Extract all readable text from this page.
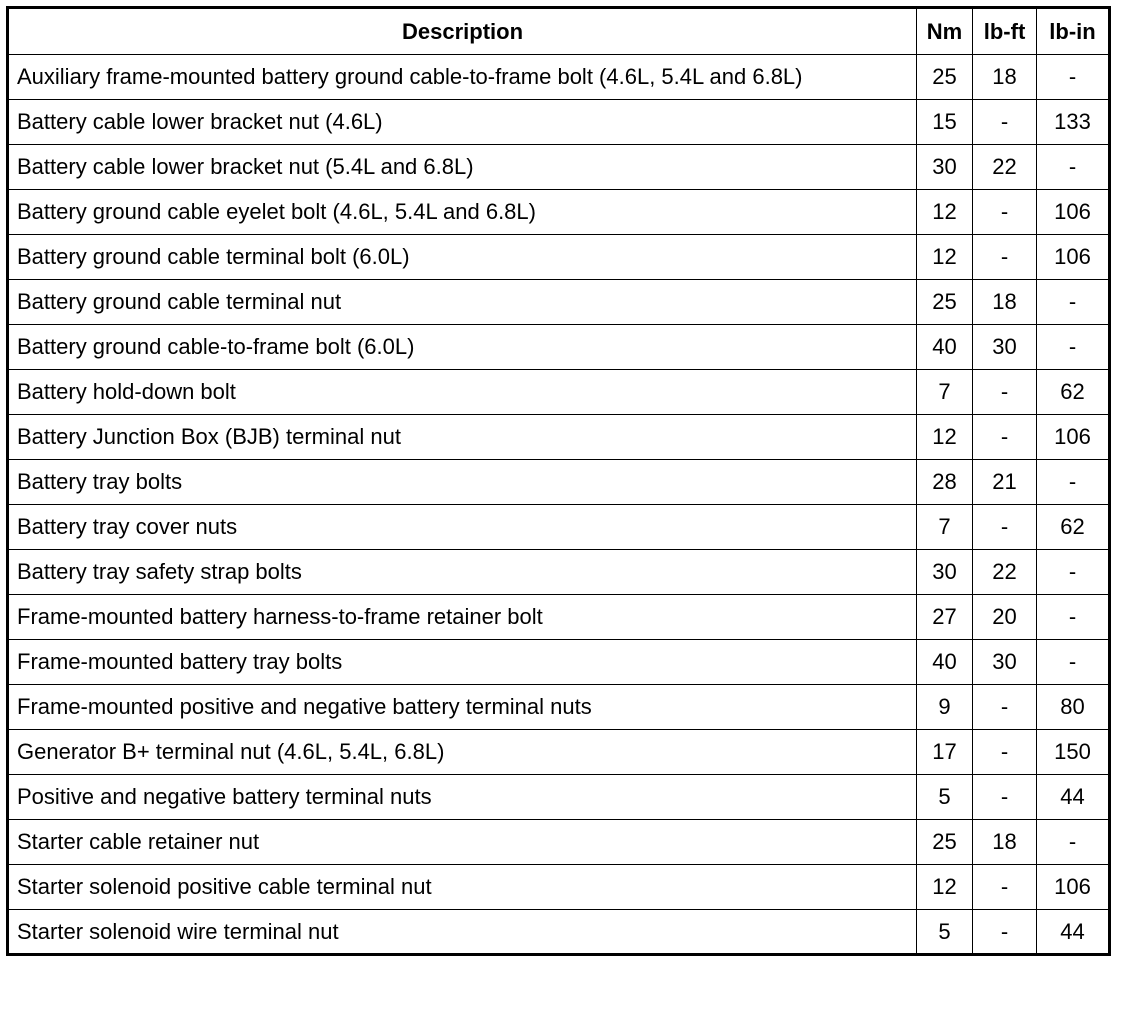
Description	Nm	lb-ft	lb-in
Auxiliary frame-mounted battery ground cable-to-frame bolt (4.6L, 5.4L and 6.8L)	25	18	-
Battery cable lower bracket nut (4.6L)	15	-	133
Battery cable lower bracket nut (5.4L and 6.8L)	30	22	-
Battery ground cable eyelet bolt (4.6L, 5.4L and 6.8L)	12	-	106
Battery ground cable terminal bolt (6.0L)	12	-	106
Battery ground cable terminal nut	25	18	-
Battery ground cable-to-frame bolt (6.0L)	40	30	-
Battery hold-down bolt	7	-	62
Battery Junction Box (BJB) terminal nut	12	-	106
Battery tray bolts	28	21	-
Battery tray cover nuts	7	-	62
Battery tray safety strap bolts	30	22	-
Frame-mounted battery harness-to-frame retainer bolt	27	20	-
Frame-mounted battery tray bolts	40	30	-
Frame-mounted positive and negative battery terminal nuts	9	-	80
Generator B+ terminal nut (4.6L, 5.4L, 6.8L)	17	-	150
Positive and negative battery terminal nuts	5	-	44
Starter cable retainer nut	25	18	-
Starter solenoid positive cable terminal nut	12	-	106
Starter solenoid wire terminal nut	5	-	44
